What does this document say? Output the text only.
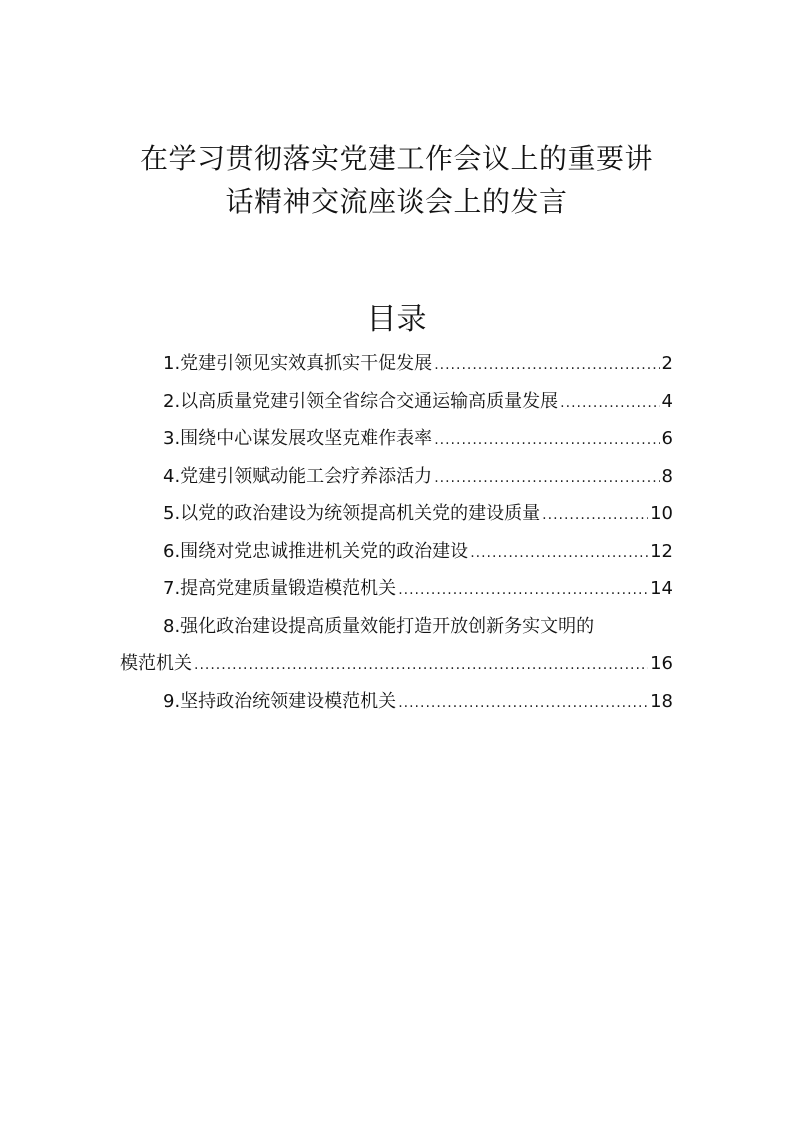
在学习贯彻落实党建工作会议上的重要讲
话精神交流座谈会上的发言
目录
1.党建引领见实效真抓实干促发展 .....	2
2.以高质量党建引领全省综合交通运输高质量发展 .....	4
3.围绕中心谋发展攻坚克难作表率 .....	6
4.党建引领赋动能工会疗养添活力 .....	8
5.以党的政治建设为统领提高机关党的建设质量 .....	10
6.围绕对党忠诚推进机关党的政治建设 .....	12
7.提高党建质量锻造模范机关 .....	14
8.强化政治建设提高质量效能打造开放创新务实文明的
模范机关 .....	16
9.坚持政治统领建设模范机关 .....	18
